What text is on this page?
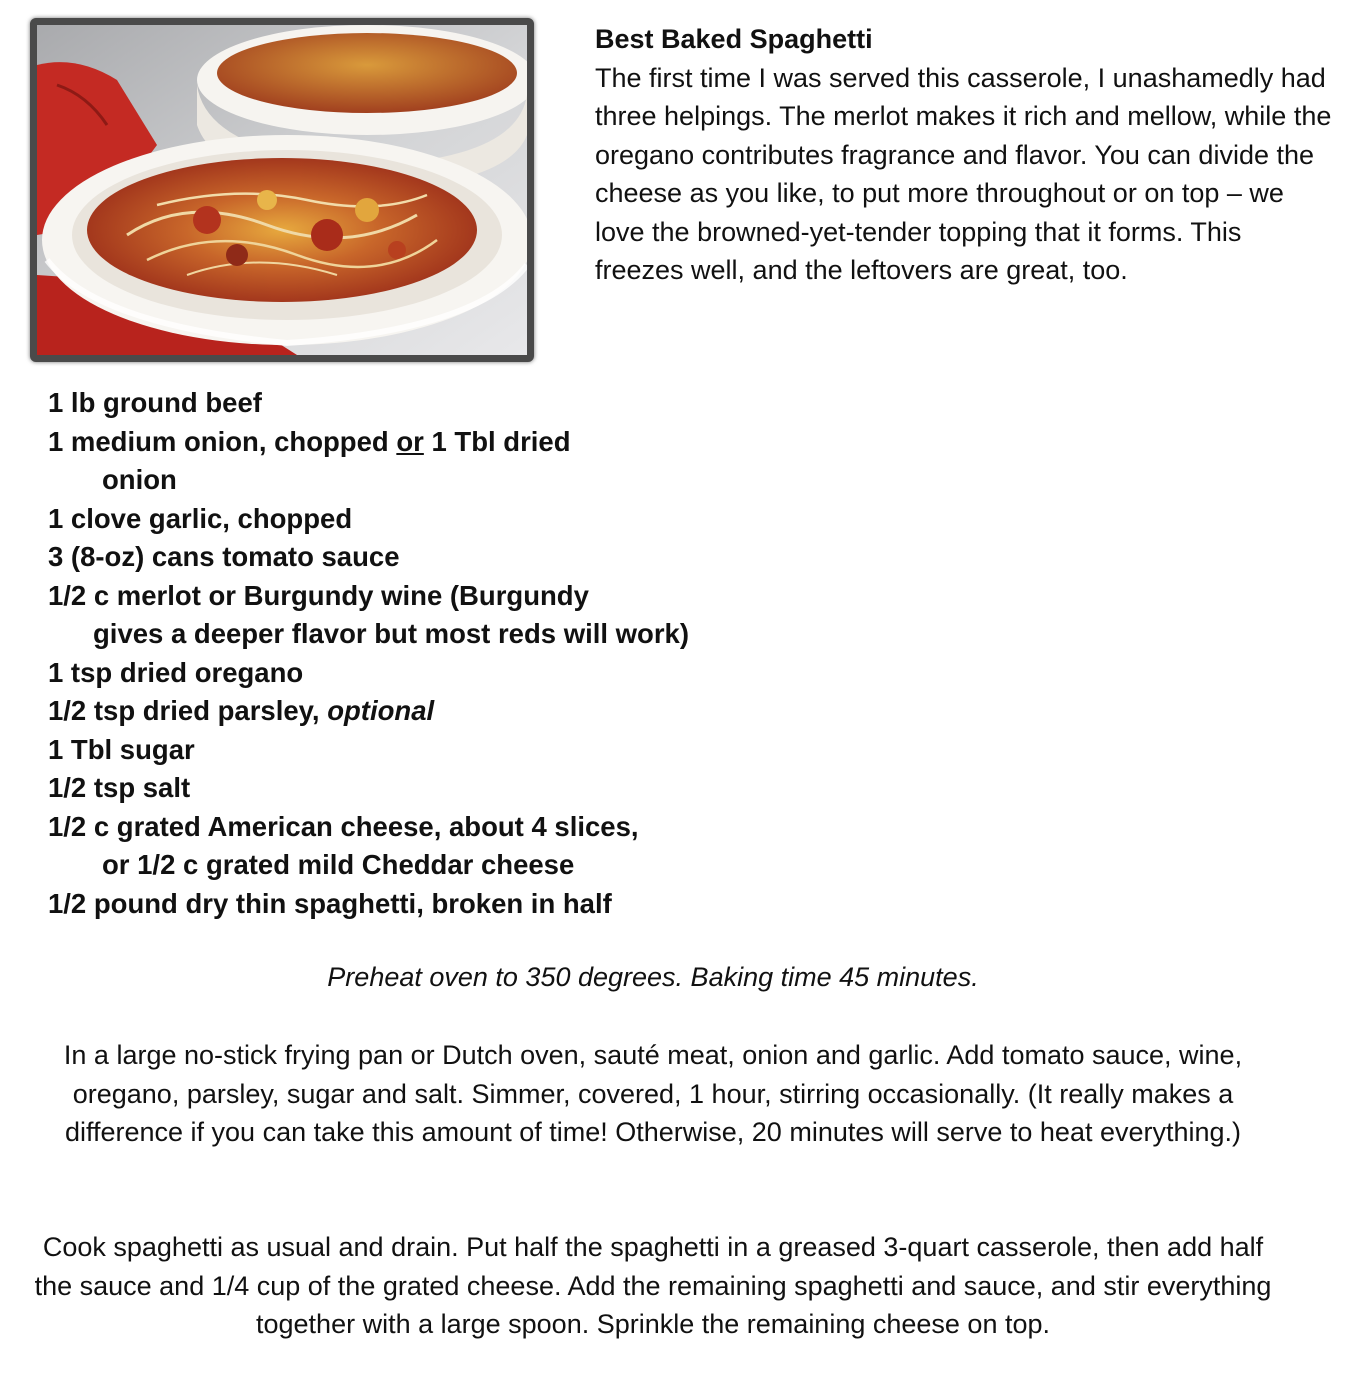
Best Baked Spaghetti

The first time I was served this casserole, I unashamedly had three helpings. The merlot makes it rich and mellow, while the oregano contributes fragrance and flavor. You can divide the cheese as you like, to put more throughout or on top – we love the browned-yet-tender topping that it forms. This freezes well, and the leftovers are great, too.

1 lb ground beef
1 medium onion, chopped or 1 Tbl dried
onion
1 clove garlic, chopped
3 (8-oz) cans tomato sauce
1/2 c merlot or Burgundy wine (Burgundy
gives a deeper flavor but most reds will work)
1 tsp dried oregano
1/2 tsp dried parsley, optional
1 Tbl sugar
1/2 tsp salt
1/2 c grated American cheese, about 4 slices,
or 1/2 c grated mild Cheddar cheese
1/2 pound dry thin spaghetti, broken in half
Preheat oven to 350 degrees. Baking time 45 minutes.
In a large no-stick frying pan or Dutch oven, sauté meat, onion and garlic. Add tomato sauce, wine, oregano, parsley, sugar and salt. Simmer, covered, 1 hour, stirring occasionally. (It really makes a difference if you can take this amount of time! Otherwise, 20 minutes will serve to heat everything.)
Cook spaghetti as usual and drain. Put half the spaghetti in a greased 3-quart casserole, then add half the sauce and 1/4 cup of the grated cheese. Add the remaining spaghetti and sauce, and stir everything together with a large spoon. Sprinkle the remaining cheese on top.
